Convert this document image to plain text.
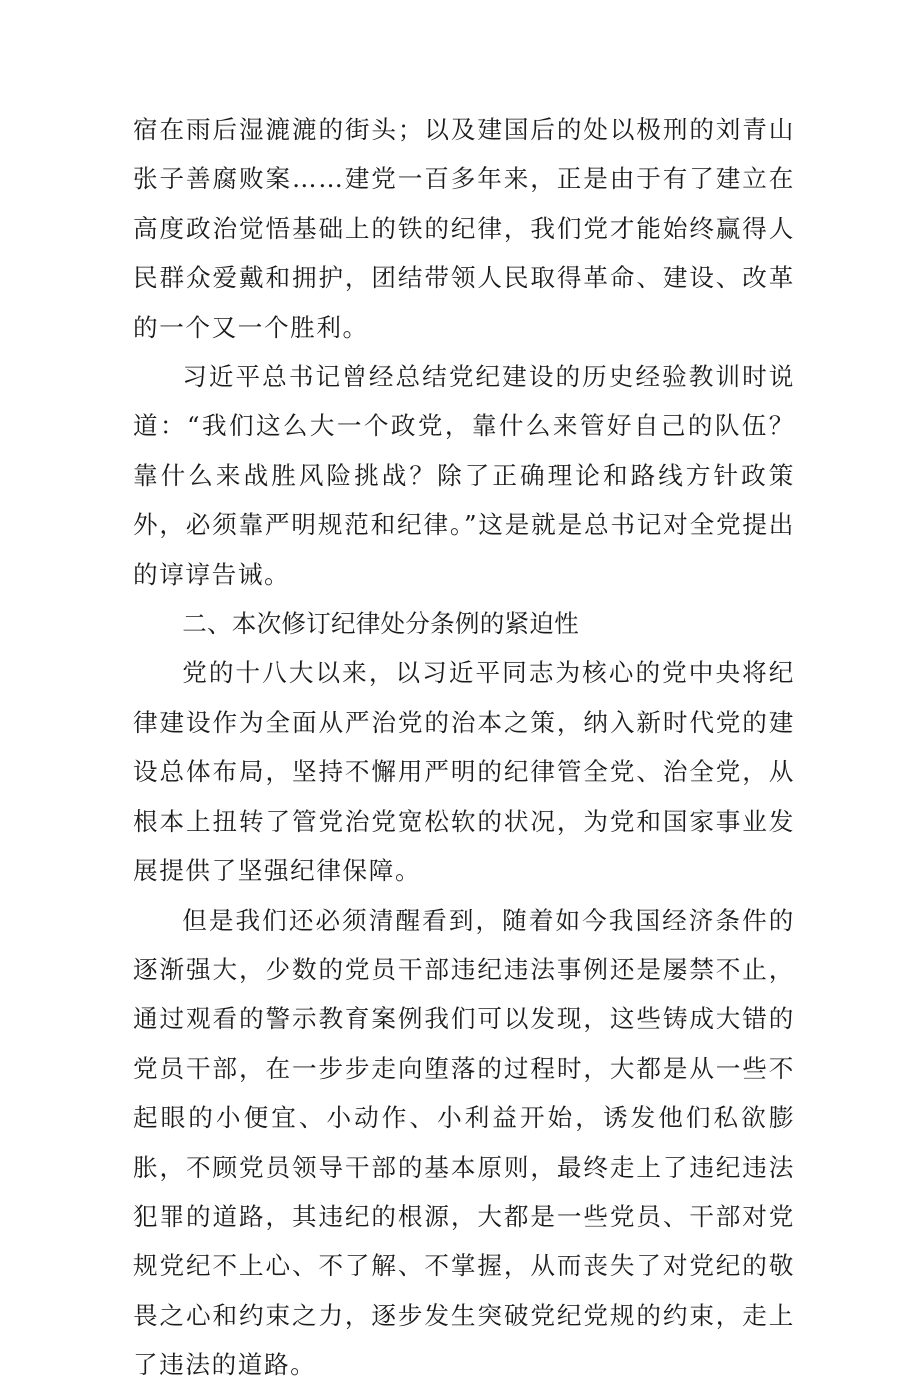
宿在雨后湿漉漉的街头；以及建国后的处以极刑的刘青山张子善腐败案……建党一百多年来，正是由于有了建立在高度政治觉悟基础上的铁的纪律，我们党才能始终赢得人民群众爱戴和拥护，团结带领人民取得革命、建设、改革的一个又一个胜利。

习近平总书记曾经总结党纪建设的历史经验教训时说道：“我们这么大一个政党，靠什么来管好自己的队伍？靠什么来战胜风险挑战？除了正确理论和路线方针政策外，必须靠严明规范和纪律。”这是就是总书记对全党提出的谆谆告诫。

二、本次修订纪律处分条例的紧迫性

党的十八大以来，以习近平同志为核心的党中央将纪律建设作为全面从严治党的治本之策，纳入新时代党的建设总体布局，坚持不懈用严明的纪律管全党、治全党，从根本上扭转了管党治党宽松软的状况，为党和国家事业发展提供了坚强纪律保障。

但是我们还必须清醒看到，随着如今我国经济条件的逐渐强大，少数的党员干部违纪违法事例还是屡禁不止，通过观看的警示教育案例我们可以发现，这些铸成大错的党员干部，在一步步走向堕落的过程时，大都是从一些不起眼的小便宜、小动作、小利益开始，诱发他们私欲膨胀，不顾党员领导干部的基本原则，最终走上了违纪违法犯罪的道路，其违纪的根源，大都是一些党员、干部对党规党纪不上心、不了解、不掌握，从而丧失了对党纪的敬畏之心和约束之力，逐步发生突破党纪党规的约束，走上了违法的道路。
